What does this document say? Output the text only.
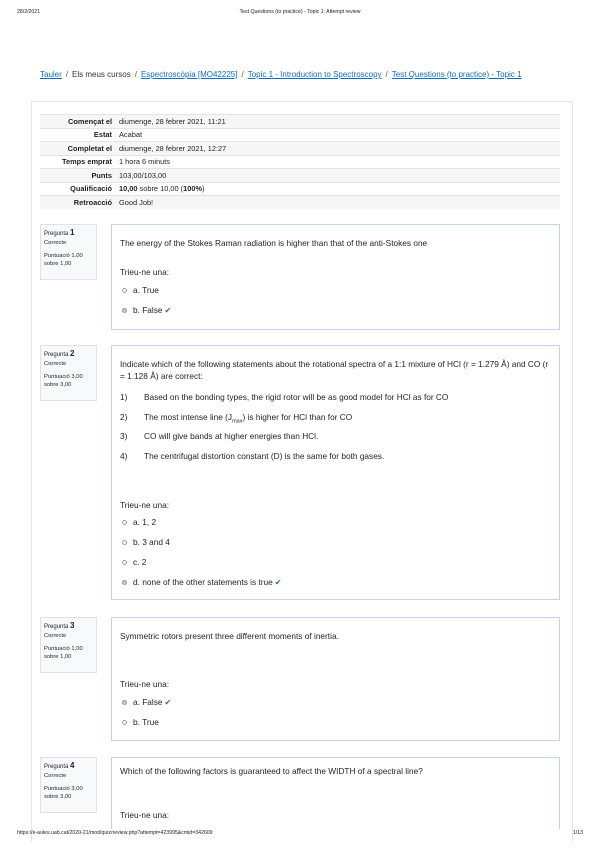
28/2/2021	Test Questions (to practice) - Topic 1: Attempt review
Tauler / Els meus cursos / Espectroscòpia [MO42225] / Topic 1 - Introduction to Spectroscopy / Test Questions (to practice) - Topic 1
Començat el	diumenge, 28 febrer 2021, 11:21
Estat	Acabat
Completat el	diumenge, 28 febrer 2021, 12:27
Temps emprat	1 hora 6 minuts
Punts	103,00/103,00
Qualificació	10,00 sobre 10,00 (100%)
Retroacció	Good Job!
Pregunta 1
Correcte
Puntuació 1,00
sobre 1,00
The energy of the Stokes Raman radiation is higher than that of the anti-Stokes one
Trieu-ne una:
a. True
b. False ✔
Pregunta 2
Correcte
Puntuació 3,00
sobre 3,00
Indicate which of the following statements about the rotational spectra of a 1:1 mixture of HCl (r = 1.279 Å) and CO (r = 1.128 Å) are correct:
1) Based on the bonding types, the rigid rotor will be as good model for HCl as for CO
2) The most intense line $(J_{max})$ is higher for HCl than for CO
3) CO will give bands at higher energies than HCl.
4) The centrifugal distortion constant (D) is the same for both gases.
Trieu-ne una:
a. 1, 2
b. 3 and 4
c. 2
d. none of the other statements is true ✔
Pregunta 3
Correcte
Puntuació 1,00
sobre 1,00
Symmetric rotors present three different moments of inertia.
Trieu-ne una:
a. False ✔
b. True
Pregunta 4
Correcte
Puntuació 3,00
sobre 3,00
Which of the following factors is guaranteed to affect the WIDTH of a spectral line?
Trieu-ne una:
https://e-aules.uab.cat/2020-21/mod/quiz/review.php?attempt=423995&cmid=342609	1/13
